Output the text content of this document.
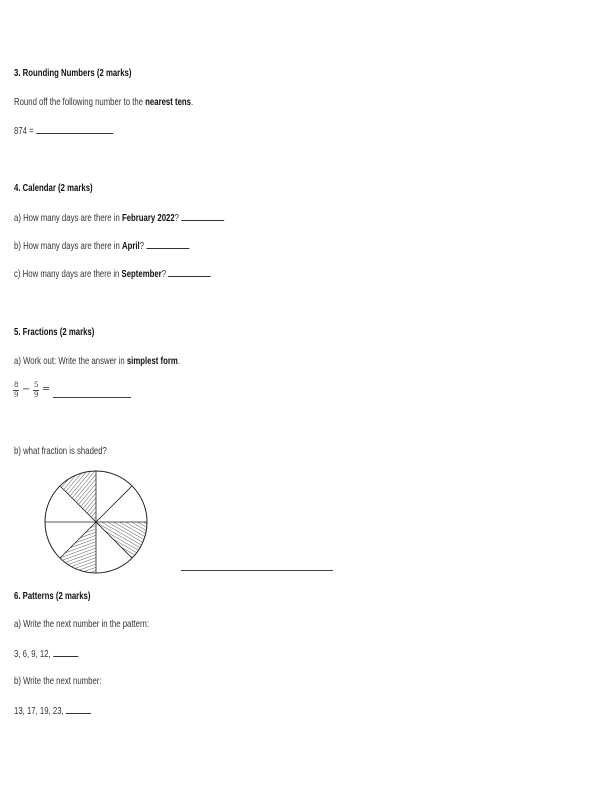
3. Rounding Numbers (2 marks)
Round off the following number to the nearest tens.
874 =
4. Calendar (2 marks)
a) How many days are there in February 2022?
b) How many days are there in April?
c) How many days are there in September?
5. Fractions (2 marks)
a) Work out: Write the answer in simplest form.
8
9 − 5
9 =
b) what fraction is shaded?
6. Patterns (2 marks)
a) Write the next number in the pattern:
3, 6, 9, 12,
b) Write the next number:
13, 17, 19, 23,
